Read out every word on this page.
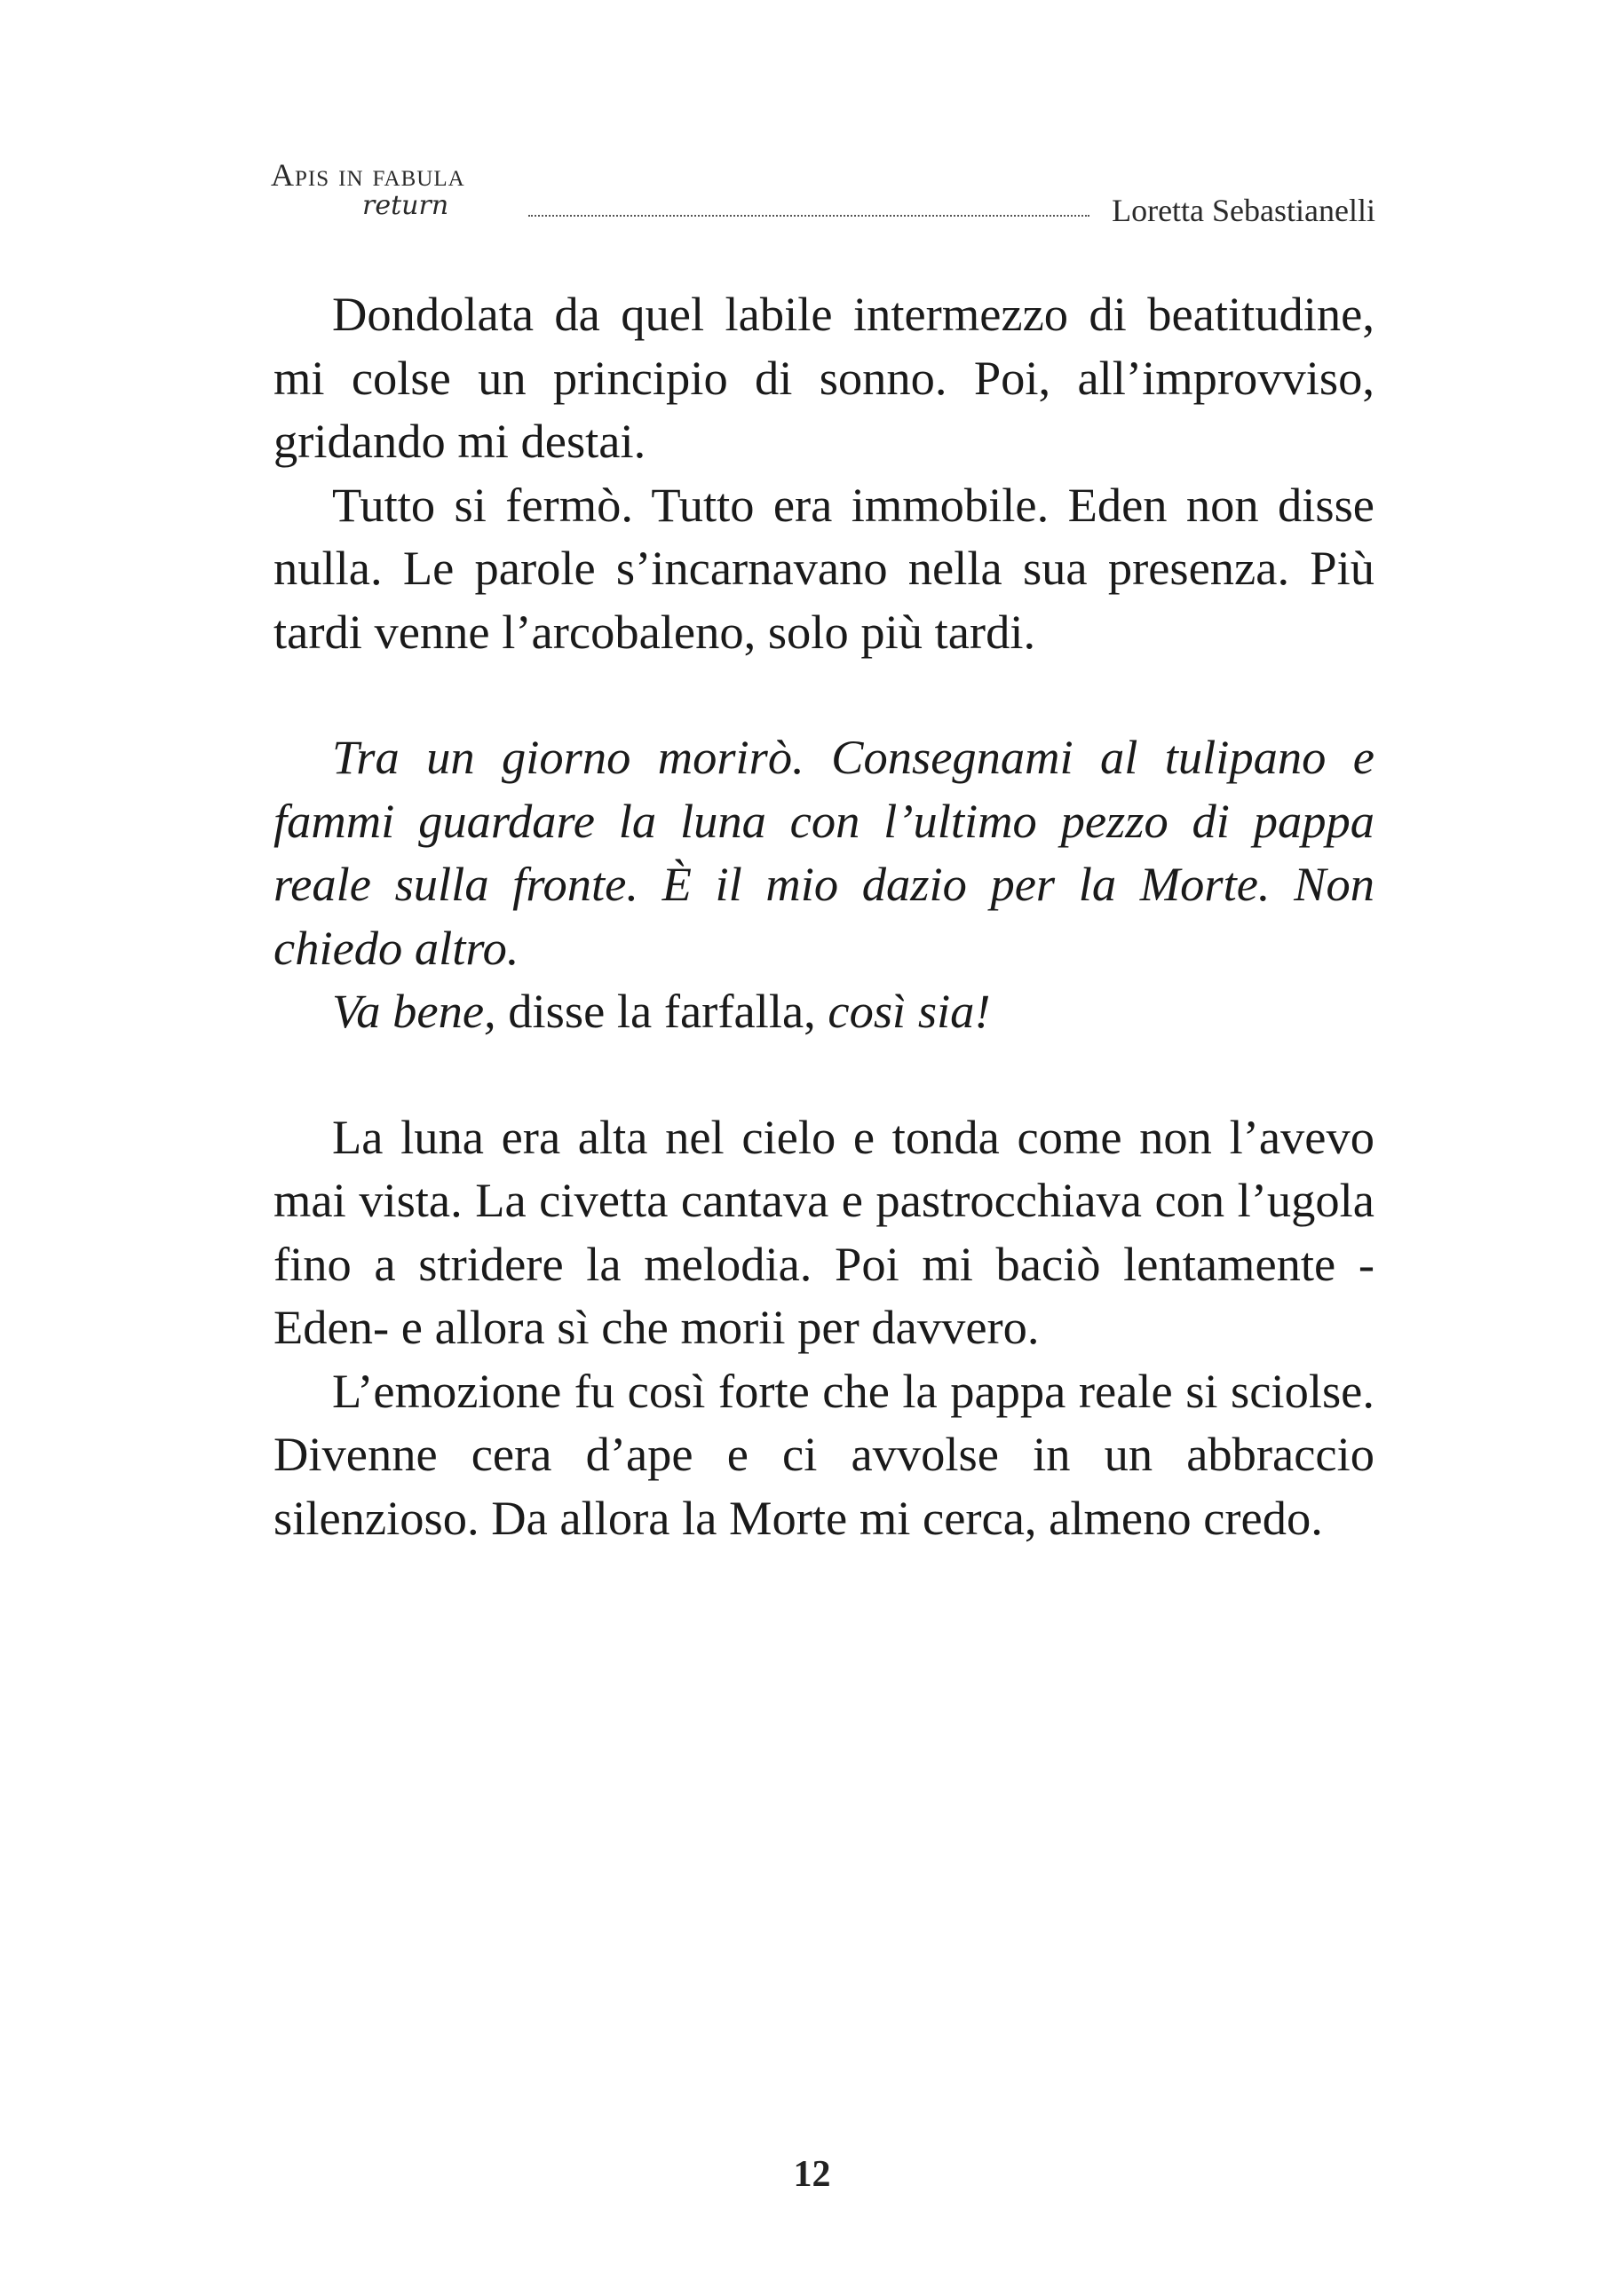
Apis in fabula
return	Loretta Sebastianelli

Dondolata da quel labile intermezzo di beatitudine, mi colse un principio di sonno. Poi, all’improvviso, gridando mi destai.

Tutto si fermò. Tutto era immobile. Eden non disse nulla. Le parole s’incarnavano nella sua presenza. Più tardi venne l’arcobaleno, solo più tardi.

Tra un giorno morirò. Consegnami al tulipano e fammi guardare la luna con l’ultimo pezzo di pappa reale sulla fronte. È il mio dazio per la Morte. Non chiedo altro.

Va bene, disse la farfalla, così sia!

La luna era alta nel cielo e tonda come non l’avevo mai vista. La civetta cantava e pastrocchiava con l’ugola fino a stridere la melodia. Poi mi baciò lentamente -Eden- e allora sì che morii per davvero.

L’emozione fu così forte che la pappa reale si sciolse. Divenne cera d’ape e ci avvolse in un abbraccio silenzioso. Da allora la Morte mi cerca, almeno credo.

12
